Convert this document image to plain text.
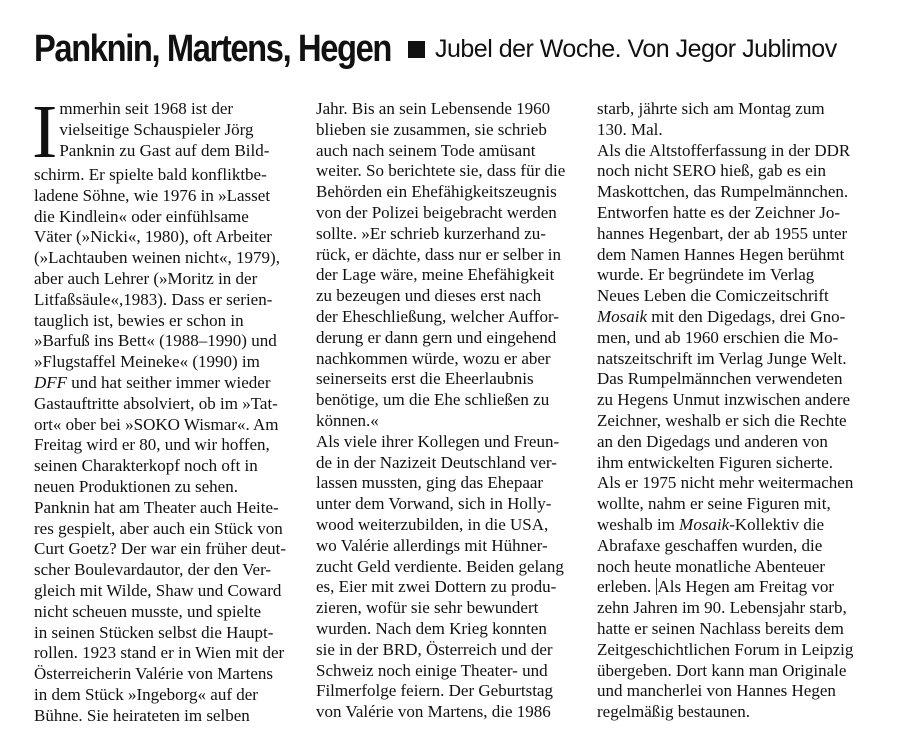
Panknin, Martens, Hegen Jubel der Woche. Von Jegor Jublimov
I mmerhin seit 1968 ist der
vielseitige Schauspieler Jörg
Panknin zu Gast auf dem Bild-
schirm. Er spielte bald konfliktbe-
ladene Söhne, wie 1976 in »Lasset
die Kindlein« oder einfühlsame
Väter (»Nicki«, 1980), oft Arbeiter
(»Lachtauben weinen nicht«, 1979),
aber auch Lehrer (»Moritz in der
Litfaßsäule«,1983). Dass er serien-
tauglich ist, bewies er schon in
»Barfuß ins Bett« (1988–1990) und
»Flugstaffel Meineke« (1990) im
DFF und hat seither immer wieder
Gastauftritte absolviert, ob im »Tat-
ort« ober bei »SOKO Wismar«. Am
Freitag wird er 80, und wir hoffen,
seinen Charakterkopf noch oft in
neuen Produktionen zu sehen.
Panknin hat am Theater auch Heite-
res gespielt, aber auch ein Stück von
Curt Goetz? Der war ein früher deut-
scher Boulevardautor, der den Ver-
gleich mit Wilde, Shaw und Coward
nicht scheuen musste, und spielte
in seinen Stücken selbst die Haupt-
rollen. 1923 stand er in Wien mit der
Österreicherin Valérie von Martens
in dem Stück »Ingeborg« auf der
Bühne. Sie heirateten im selben
Jahr. Bis an sein Lebensende 1960
blieben sie zusammen, sie schrieb
auch nach seinem Tode amüsant
weiter. So berichtete sie, dass für die
Behörden ein Ehefähigkeitszeugnis
von der Polizei beigebracht werden
sollte. »Er schrieb kurzerhand zu-
rück, er dächte, dass nur er selber in
der Lage wäre, meine Ehefähigkeit
zu bezeugen und dieses erst nach
der Eheschließung, welcher Auffor-
derung er dann gern und eingehend
nachkommen würde, wozu er aber
seinerseits erst die Eheerlaubnis
benötige, um die Ehe schließen zu
können.«
Als viele ihrer Kollegen und Freun-
de in der Nazizeit Deutschland ver-
lassen mussten, ging das Ehepaar
unter dem Vorwand, sich in Holly-
wood weiterzubilden, in die USA,
wo Valérie allerdings mit Hühner-
zucht Geld verdiente. Beiden gelang
es, Eier mit zwei Dottern zu produ-
zieren, wofür sie sehr bewundert
wurden. Nach dem Krieg konnten
sie in der BRD, Österreich und der
Schweiz noch einige Theater- und
Filmerfolge feiern. Der Geburtstag
von Valérie von Martens, die 1986
starb, jährte sich am Montag zum
130. Mal.
Als die Altstofferfassung in der DDR
noch nicht SERO hieß, gab es ein
Maskottchen, das Rumpelmännchen.
Entworfen hatte es der Zeichner Jo-
hannes Hegenbart, der ab 1955 unter
dem Namen Hannes Hegen berühmt
wurde. Er begründete im Verlag
Neues Leben die Comiczeitschrift
Mosaik mit den Digedags, drei Gno-
men, und ab 1960 erschien die Mo-
natszeitschrift im Verlag Junge Welt.
Das Rumpelmännchen verwendeten
zu Hegens Unmut inzwischen andere
Zeichner, weshalb er sich die Rechte
an den Digedags und anderen von
ihm entwickelten Figuren sicherte.
Als er 1975 nicht mehr weitermachen
wollte, nahm er seine Figuren mit,
weshalb im Mosaik-Kollektiv die
Abrafaxe geschaffen wurden, die
noch heute monatliche Abenteuer
erleben. Als Hegen am Freitag vor
zehn Jahren im 90. Lebensjahr starb,
hatte er seinen Nachlass bereits dem
Zeitgeschichtlichen Forum in Leipzig
übergeben. Dort kann man Originale
und mancherlei von Hannes Hegen
regelmäßig bestaunen.
